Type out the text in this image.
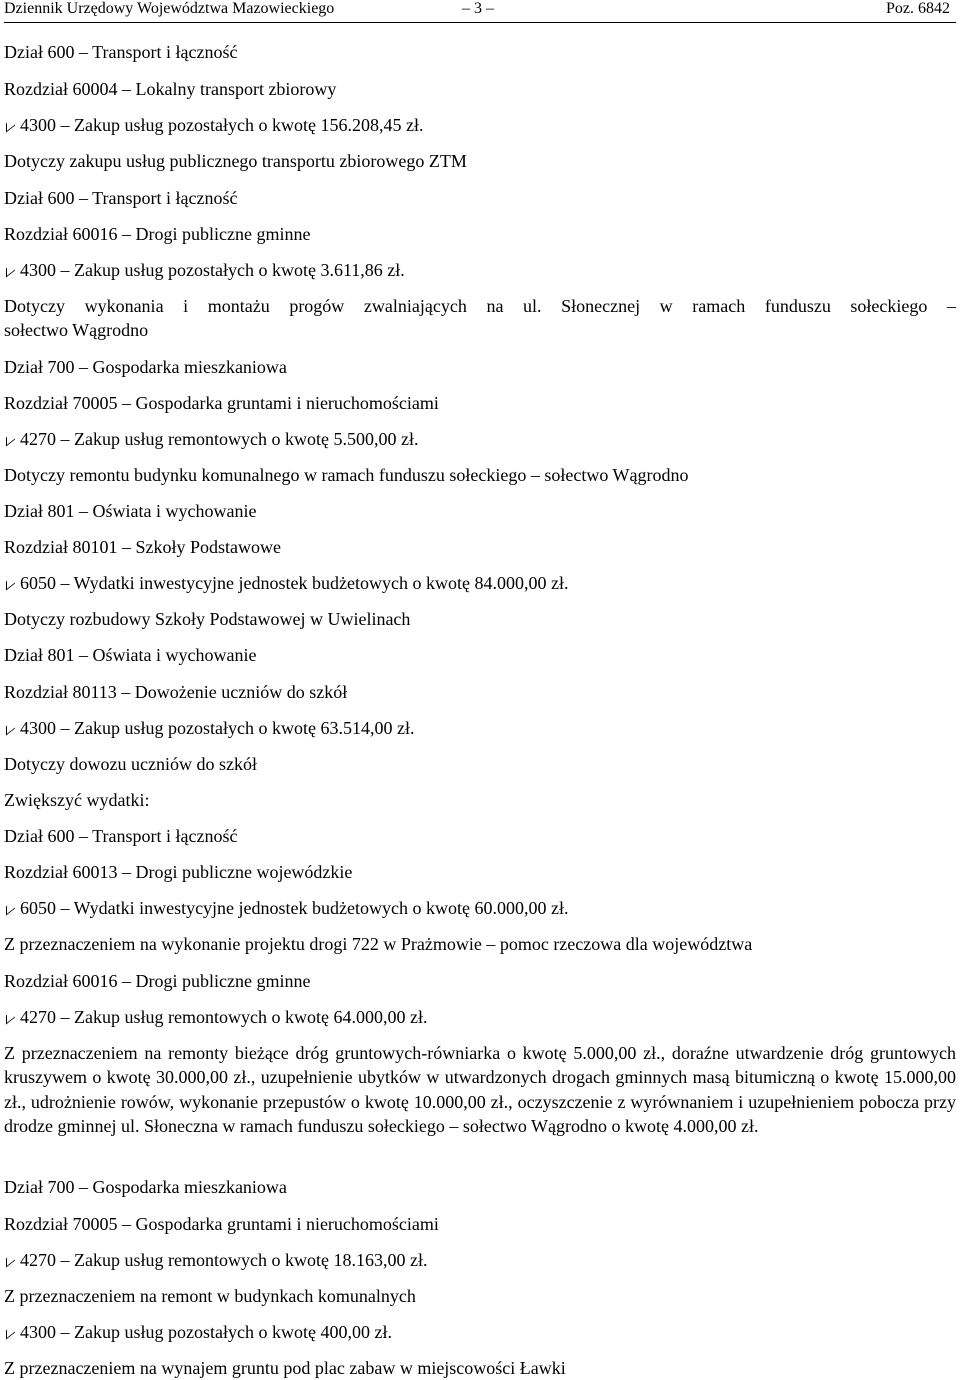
Dziennik Urzędowy Województwa Mazowieckiego	– 3 –	Poz. 6842
Dział 600 – Transport i łączność
Rozdział 60004 – Lokalny transport zbiorowy
4300 – Zakup usług pozostałych o kwotę 156.208,45 zł.
Dotyczy zakupu usług publicznego transportu zbiorowego ZTM
Dział 600 – Transport i łączność
Rozdział 60016 – Drogi publiczne gminne
4300 – Zakup usług pozostałych o kwotę 3.611,86 zł.
Dotyczy wykonania i montażu progów zwalniających na ul. Słonecznej w ramach funduszu sołeckiego –
sołectwo Wągrodno
Dział 700 – Gospodarka mieszkaniowa
Rozdział 70005 – Gospodarka gruntami i nieruchomościami
4270 – Zakup usług remontowych o kwotę 5.500,00 zł.
Dotyczy remontu budynku komunalnego w ramach funduszu sołeckiego – sołectwo Wągrodno
Dział 801 – Oświata i wychowanie
Rozdział 80101 – Szkoły Podstawowe
6050 – Wydatki inwestycyjne jednostek budżetowych o kwotę 84.000,00 zł.
Dotyczy rozbudowy Szkoły Podstawowej w Uwielinach
Dział 801 – Oświata i wychowanie
Rozdział 80113 – Dowożenie uczniów do szkół
4300 – Zakup usług pozostałych o kwotę 63.514,00 zł.
Dotyczy dowozu uczniów do szkół
Zwiększyć wydatki:
Dział 600 – Transport i łączność
Rozdział 60013 – Drogi publiczne wojewódzkie
6050 – Wydatki inwestycyjne jednostek budżetowych o kwotę 60.000,00 zł.
Z przeznaczeniem na wykonanie projektu drogi 722 w Prażmowie – pomoc rzeczowa dla województwa
Rozdział 60016 – Drogi publiczne gminne
4270 – Zakup usług remontowych o kwotę 64.000,00 zł.
Z przeznaczeniem na remonty bieżące dróg gruntowych-równiarka o kwotę 5.000,00 zł., doraźne utwardzenie dróg gruntowych kruszywem o kwotę 30.000,00 zł., uzupełnienie ubytków w utwardzonych drogach gminnych masą bitumiczną o kwotę 15.000,00 zł., udrożnienie rowów, wykonanie przepustów o kwotę 10.000,00 zł., oczyszczenie z wyrównaniem i uzupełnieniem pobocza przy drodze gminnej ul. Słoneczna w ramach funduszu sołeckiego – sołectwo Wągrodno o kwotę 4.000,00 zł.
Dział 700 – Gospodarka mieszkaniowa
Rozdział 70005 – Gospodarka gruntami i nieruchomościami
4270 – Zakup usług remontowych o kwotę 18.163,00 zł.
Z przeznaczeniem na remont w budynkach komunalnych
4300 – Zakup usług pozostałych o kwotę 400,00 zł.
Z przeznaczeniem na wynajem gruntu pod plac zabaw w miejscowości Ławki
